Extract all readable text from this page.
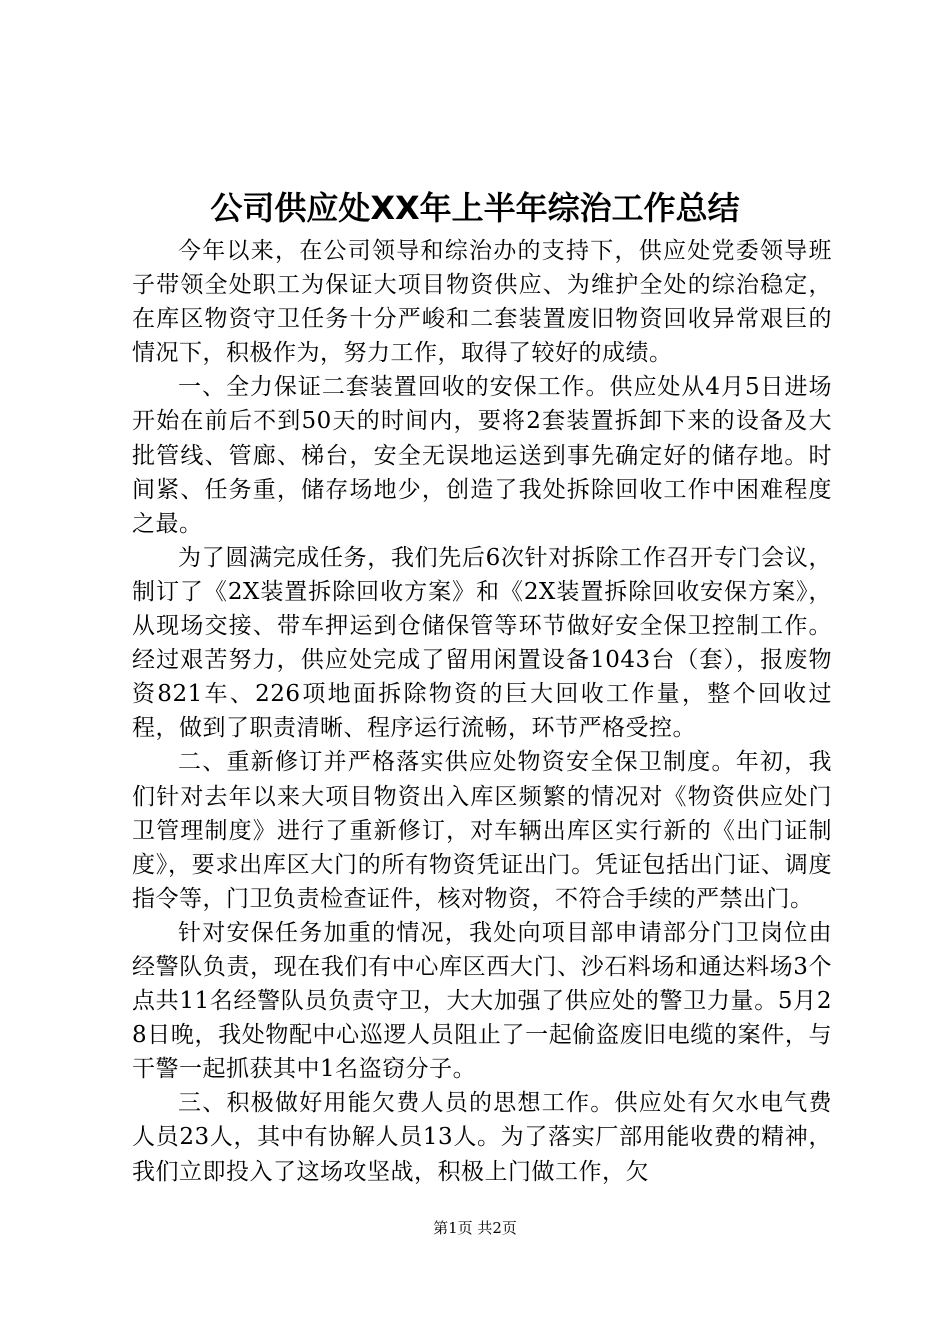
公司供应处XX年上半年综治工作总结

今年以来，在公司领导和综治办的支持下，供应处党委领导班子带领全处职工为保证大项目物资供应、为维护全处的综治稳定，在库区物资守卫任务十分严峻和二套装置废旧物资回收异常艰巨的情况下，积极作为，努力工作，取得了较好的成绩。

一、全力保证二套装置回收的安保工作。供应处从4月5日进场开始在前后不到50天的时间内，要将2套装置拆卸下来的设备及大批管线、管廊、梯台，安全无误地运送到事先确定好的储存地。时间紧、任务重，储存场地少，创造了我处拆除回收工作中困难程度之最。

为了圆满完成任务，我们先后6次针对拆除工作召开专门会议，制订了《2X装置拆除回收方案》和《2X装置拆除回收安保方案》，从现场交接、带车押运到仓储保管等环节做好安全保卫控制工作。经过艰苦努力，供应处完成了留用闲置设备1043台（套），报废物资821车、226项地面拆除物资的巨大回收工作量，整个回收过程，做到了职责清晰、程序运行流畅，环节严格受控。

二、重新修订并严格落实供应处物资安全保卫制度。年初，我们针对去年以来大项目物资出入库区频繁的情况对《物资供应处门卫管理制度》进行了重新修订，对车辆出库区实行新的《出门证制度》，要求出库区大门的所有物资凭证出门。凭证包括出门证、调度指令等，门卫负责检查证件，核对物资，不符合手续的严禁出门。

针对安保任务加重的情况，我处向项目部申请部分门卫岗位由经警队负责，现在我们有中心库区西大门、沙石料场和通达料场3个点共11名经警队员负责守卫，大大加强了供应处的警卫力量。5月28日晚，我处物配中心巡逻人员阻止了一起偷盗废旧电缆的案件，与干警一起抓获其中1名盗窃分子。

三、积极做好用能欠费人员的思想工作。供应处有欠水电气费人员23人，其中有协解人员13人。为了落实厂部用能收费的精神，我们立即投入了这场攻坚战，积极上门做工作，欠

第1页 共2页
